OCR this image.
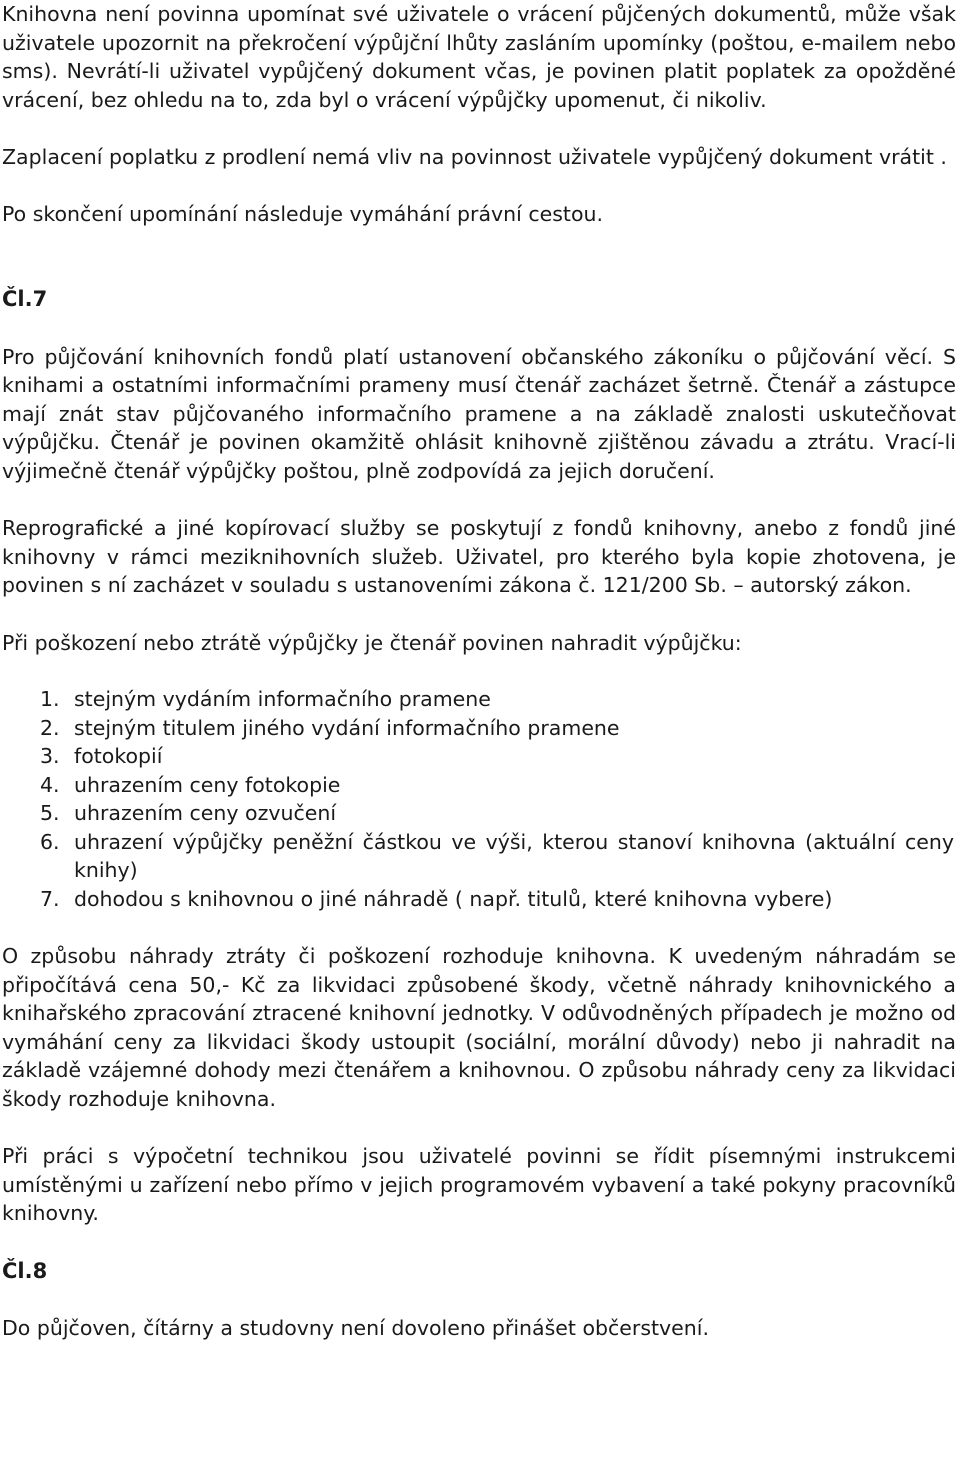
Knihovna není povinna upomínat své uživatele o vrácení půjčených dokumentů, může však uživatele upozornit na překročení výpůjční lhůty zasláním upomínky (poštou, e-mailem nebo sms). Nevrátí-li uživatel vypůjčený dokument včas, je povinen platit poplatek za opožděné vrácení, bez ohledu na to, zda byl o vrácení výpůjčky upomenut, či nikoliv.

Zaplacení poplatku z prodlení nemá vliv na povinnost uživatele vypůjčený dokument vrátit .

Po skončení upomínání následuje vymáhání právní cestou.

Čl.7

Pro půjčování knihovních fondů platí ustanovení občanského zákoníku o půjčování věcí. S knihami a ostatními informačními prameny musí čtenář zacházet šetrně. Čtenář a zástupce mají znát stav půjčovaného informačního pramene a na základě znalosti uskutečňovat výpůjčku. Čtenář je povinen okamžitě ohlásit knihovně zjištěnou závadu a ztrátu. Vrací-li výjimečně čtenář výpůjčky poštou, plně zodpovídá za jejich doručení.

Reprografické a jiné kopírovací služby se poskytují z fondů knihovny, anebo z fondů jiné knihovny v rámci meziknihovních služeb. Uživatel, pro kterého byla kopie zhotovena, je povinen s ní zacházet v souladu s ustanoveními zákona č. 121/200 Sb. – autorský zákon.

Při poškození nebo ztrátě výpůjčky je čtenář povinen nahradit výpůjčku:

1. stejným vydáním informačního pramene
2. stejným titulem jiného vydání informačního pramene
3. fotokopií
4. uhrazením ceny fotokopie
5. uhrazením ceny ozvučení
6. uhrazení výpůjčky peněžní částkou ve výši, kterou stanoví knihovna (aktuální ceny knihy)
7. dohodou s knihovnou o jiné náhradě ( např. titulů, které knihovna vybere)

O způsobu náhrady ztráty či poškození rozhoduje knihovna. K uvedeným náhradám se připočítává cena 50,- Kč za likvidaci způsobené škody, včetně náhrady knihovnického a knihařského zpracování ztracené knihovní jednotky. V odůvodněných případech je možno od vymáhání ceny za likvidaci škody ustoupit (sociální, morální důvody) nebo ji nahradit na základě vzájemné dohody mezi čtenářem a knihovnou. O způsobu náhrady ceny za likvidaci škody rozhoduje knihovna.

Při práci s výpočetní technikou jsou uživatelé povinni se řídit písemnými instrukcemi umístěnými u zařízení nebo přímo v jejich programovém vybavení a také pokyny pracovníků knihovny.

Čl.8

Do půjčoven, čítárny a studovny není dovoleno přinášet občerstvení.
